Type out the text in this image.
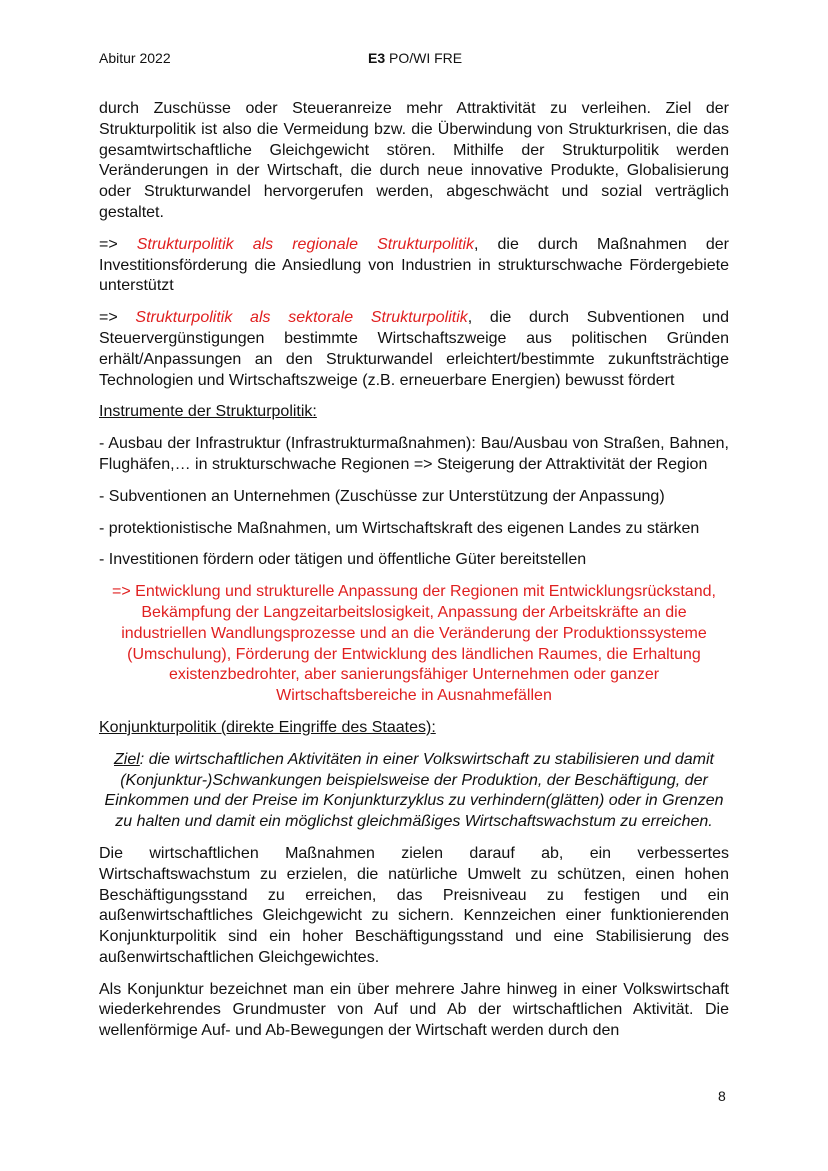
Abitur 2022	E3 PO/WI FRE

durch Zuschüsse oder Steueranreize mehr Attraktivität zu verleihen. Ziel der Strukturpolitik ist also die Vermeidung bzw. die Überwindung von Strukturkrisen, die das gesamtwirtschaftliche Gleichgewicht stören. Mithilfe der Strukturpolitik werden Veränderungen in der Wirtschaft, die durch neue innovative Produkte, Globalisierung oder Strukturwandel hervorgerufen werden, abgeschwächt und sozial verträglich gestaltet.

=> Strukturpolitik als regionale Strukturpolitik, die durch Maßnahmen der Investitionsförderung die Ansiedlung von Industrien in strukturschwache Fördergebiete unterstützt

=> Strukturpolitik als sektorale Strukturpolitik, die durch Subventionen und Steuervergünstigungen bestimmte Wirtschaftszweige aus politischen Gründen erhält/Anpassungen an den Strukturwandel erleichtert/bestimmte zukunftsträchtige Technologien und Wirtschaftszweige (z.B. erneuerbare Energien) bewusst fördert

Instrumente der Strukturpolitik:

- Ausbau der Infrastruktur (Infrastrukturmaßnahmen): Bau/Ausbau von Straßen, Bahnen, Flughäfen,… in strukturschwache Regionen => Steigerung der Attraktivität der Region

- Subventionen an Unternehmen (Zuschüsse zur Unterstützung der Anpassung)

- protektionistische Maßnahmen, um Wirtschaftskraft des eigenen Landes zu stärken

- Investitionen fördern oder tätigen und öffentliche Güter bereitstellen

=> Entwicklung und strukturelle Anpassung der Regionen mit Entwicklungsrückstand, Bekämpfung der Langzeitarbeitslosigkeit, Anpassung der Arbeitskräfte an die industriellen Wandlungsprozesse und an die Veränderung der Produktionssysteme (Umschulung), Förderung der Entwicklung des ländlichen Raumes, die Erhaltung existenzbedrohter, aber sanierungsfähiger Unternehmen oder ganzer Wirtschaftsbereiche in Ausnahmefällen

Konjunkturpolitik (direkte Eingriffe des Staates):

Ziel: die wirtschaftlichen Aktivitäten in einer Volkswirtschaft zu stabilisieren und damit (Konjunktur-)Schwankungen beispielsweise der Produktion, der Beschäftigung, der Einkommen und der Preise im Konjunkturzyklus zu verhindern(glätten) oder in Grenzen zu halten und damit ein möglichst gleichmäßiges Wirtschaftswachstum zu erreichen.

Die wirtschaftlichen Maßnahmen zielen darauf ab, ein verbessertes Wirtschaftswachstum zu erzielen, die natürliche Umwelt zu schützen, einen hohen Beschäftigungsstand zu erreichen, das Preisniveau zu festigen und ein außenwirtschaftliches Gleichgewicht zu sichern. Kennzeichen einer funktionierenden Konjunkturpolitik sind ein hoher Beschäftigungsstand und eine Stabilisierung des außenwirtschaftlichen Gleichgewichtes.

Als Konjunktur bezeichnet man ein über mehrere Jahre hinweg in einer Volkswirtschaft wiederkehrendes Grundmuster von Auf und Ab der wirtschaftlichen Aktivität. Die wellenförmige Auf- und Ab-Bewegungen der Wirtschaft werden durch den

8
